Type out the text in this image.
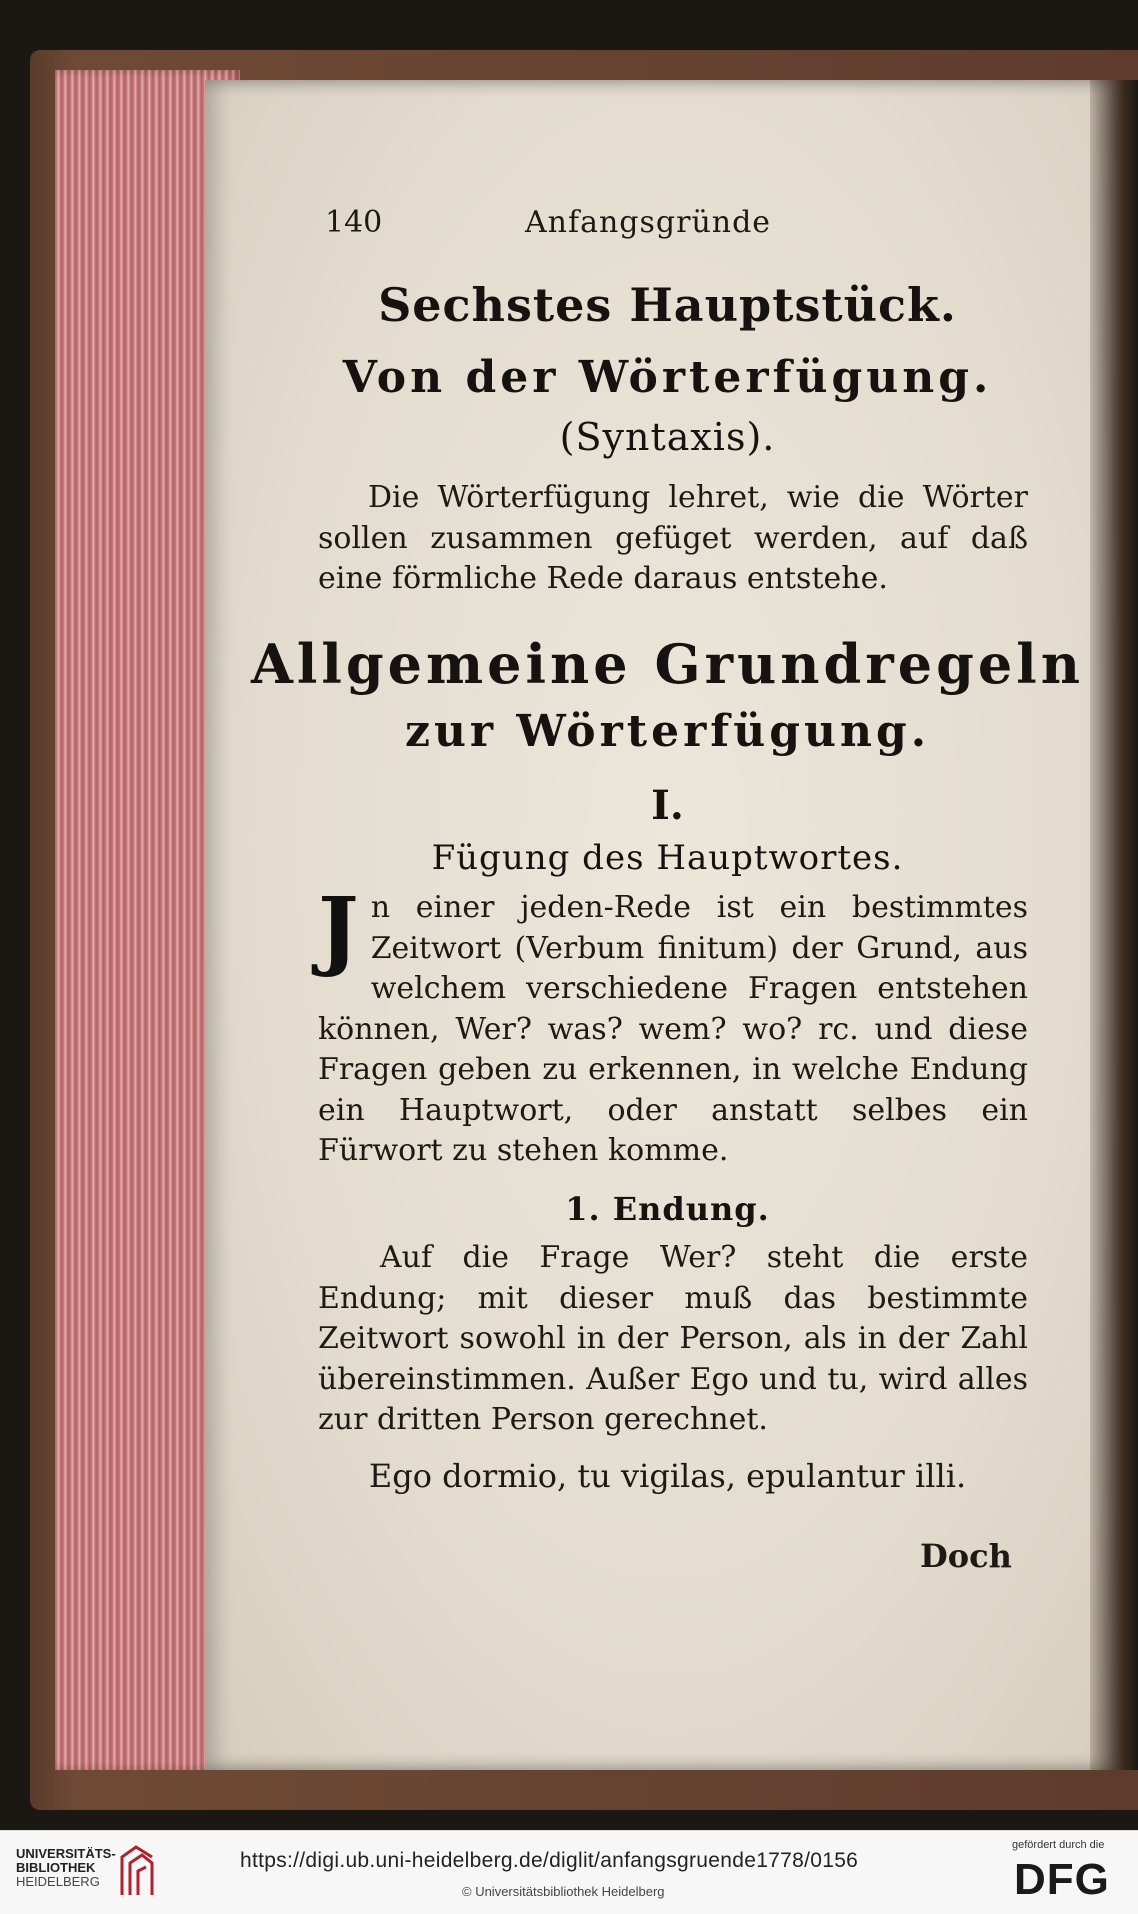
140	Anfangsgründe
Sechstes Hauptstück.
Von der Wörterfügung.
(Syntaxis).
Die Wörterfügung lehret, wie die Wörter sollen zusammen gefüget werden, auf daß eine förmliche Rede daraus entstehe.
Allgemeine Grundregeln
zur Wörterfügung.
I.
Fügung des Hauptwortes.
Jn einer jeden-Rede ist ein bestimmtes Zeitwort (Verbum finitum) der Grund, aus welchem verschiedene Fragen entstehen können, Wer? was? wem? wo? rc. und diese Fragen geben zu erkennen, in welche Endung ein Hauptwort, oder anstatt selbes ein Fürwort zu stehen komme.
1. Endung.
Auf die Frage Wer? steht die erste Endung; mit dieser muß das bestimmte Zeitwort sowohl in der Person, als in der Zahl übereinstimmen. Außer Ego und tu, wird alles zur dritten Person gerechnet.
Ego dormio, tu vigilas, epulantur illi.
Doch
UNIVERSITÄTS-
BIBLIOTHEK
HEIDELBERG
https://digi.ub.uni-heidelberg.de/diglit/anfangsgruende1778/0156
© Universitätsbibliothek Heidelberg
gefördert durch die
DFG
